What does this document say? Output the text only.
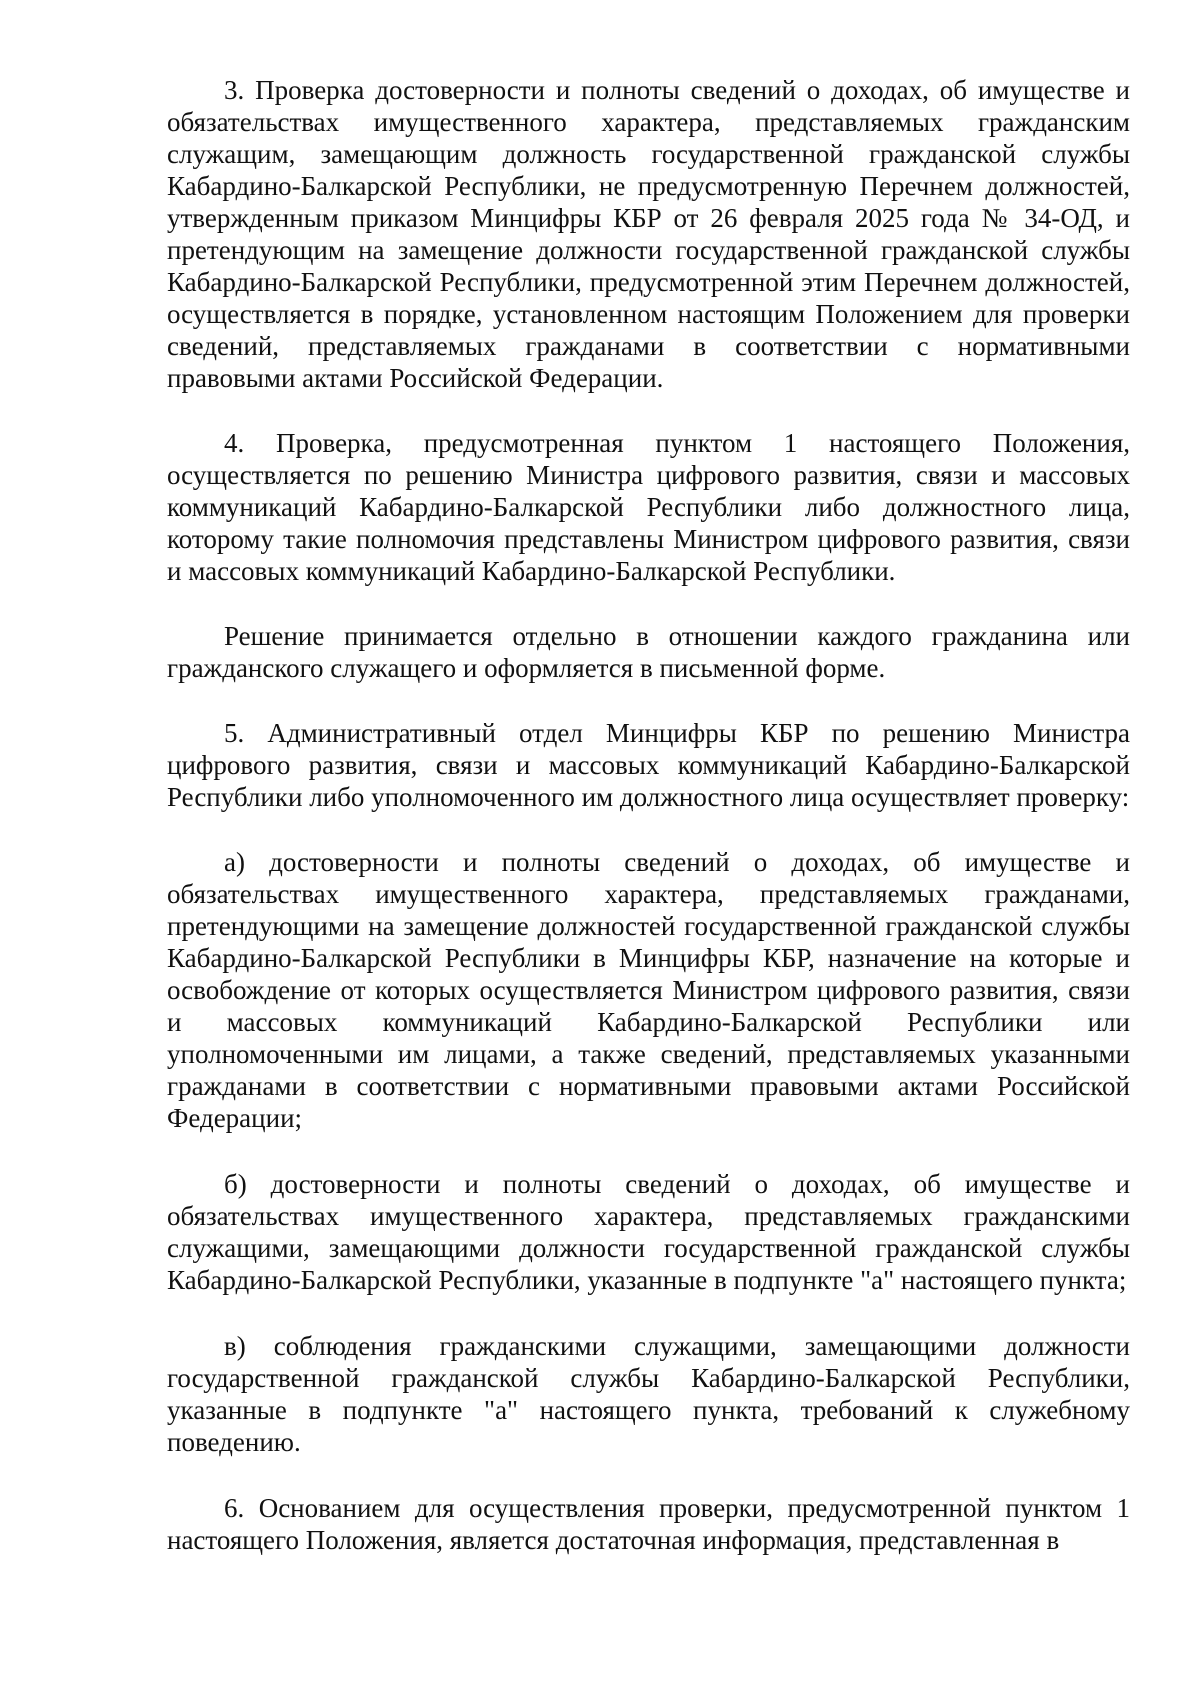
3. Проверка достоверности и полноты сведений о доходах, об имуществе и обязательствах имущественного характера, представляемых гражданским служащим, замещающим должность государственной гражданской службы Кабардино-Балкарской Республики, не предусмотренную Перечнем должностей, утвержденным приказом Минцифры КБР от 26 февраля 2025 года № 34-ОД, и претендующим на замещение должности государственной гражданской службы Кабардино-Балкарской Республики, предусмотренной этим Перечнем должностей, осуществляется в порядке, установленном настоящим Положением для проверки сведений, представляемых гражданами в соответствии с нормативными правовыми актами Российской Федерации.

4. Проверка, предусмотренная пунктом 1 настоящего Положения, осуществляется по решению Министра цифрового развития, связи и массовых коммуникаций Кабардино-Балкарской Республики либо должностного лица, которому такие полномочия представлены Министром цифрового развития, связи и массовых коммуникаций Кабардино-Балкарской Республики.

Решение принимается отдельно в отношении каждого гражданина или гражданского служащего и оформляется в письменной форме.

5. Административный отдел Минцифры КБР по решению Министра цифрового развития, связи и массовых коммуникаций Кабардино-Балкарской Республики либо уполномоченного им должностного лица осуществляет проверку:

а) достоверности и полноты сведений о доходах, об имуществе и обязательствах имущественного характера, представляемых гражданами, претендующими на замещение должностей государственной гражданской службы Кабардино-Балкарской Республики в Минцифры КБР, назначение на которые и освобождение от которых осуществляется Министром цифрового развития, связи и массовых коммуникаций Кабардино-Балкарской Республики или уполномоченными им лицами, а также сведений, представляемых указанными гражданами в соответствии с нормативными правовыми актами Российской Федерации;

б) достоверности и полноты сведений о доходах, об имуществе и обязательствах имущественного характера, представляемых гражданскими служащими, замещающими должности государственной гражданской службы Кабардино-Балкарской Республики, указанные в подпункте "а" настоящего пункта;

в) соблюдения гражданскими служащими, замещающими должности государственной гражданской службы Кабардино-Балкарской Республики, указанные в подпункте "а" настоящего пункта, требований к служебному поведению.

6. Основанием для осуществления проверки, предусмотренной пунктом 1 настоящего Положения, является достаточная информация, представленная в
